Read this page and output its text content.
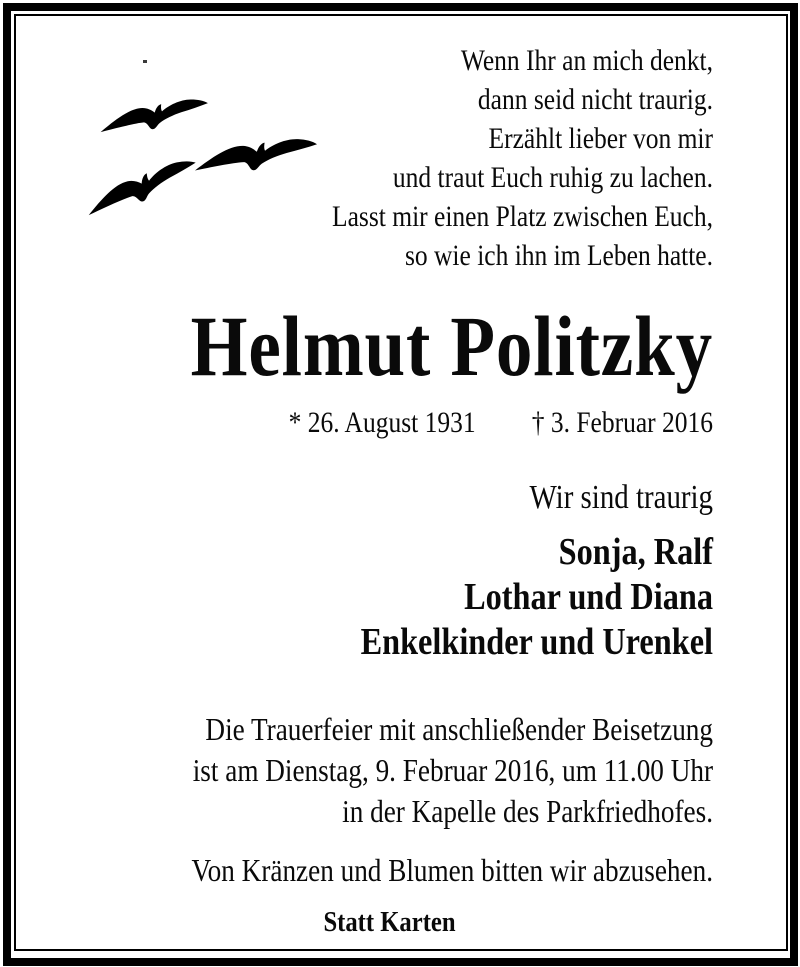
Wenn Ihr an mich denkt,
dann seid nicht traurig.
Erzählt lieber von mir
und traut Euch ruhig zu lachen.
Lasst mir einen Platz zwischen Euch,
so wie ich ihn im Leben hatte.
Helmut Politzky
* 26. August 1931 † 3. Februar 2016
Wir sind traurig
Sonja, Ralf
Lothar und Diana
Enkelkinder und Urenkel
Die Trauerfeier mit anschließender Beisetzung
ist am Dienstag, 9. Februar 2016, um 11.00 Uhr
in der Kapelle des Parkfriedhofes.
Von Kränzen und Blumen bitten wir abzusehen.
Statt Karten
